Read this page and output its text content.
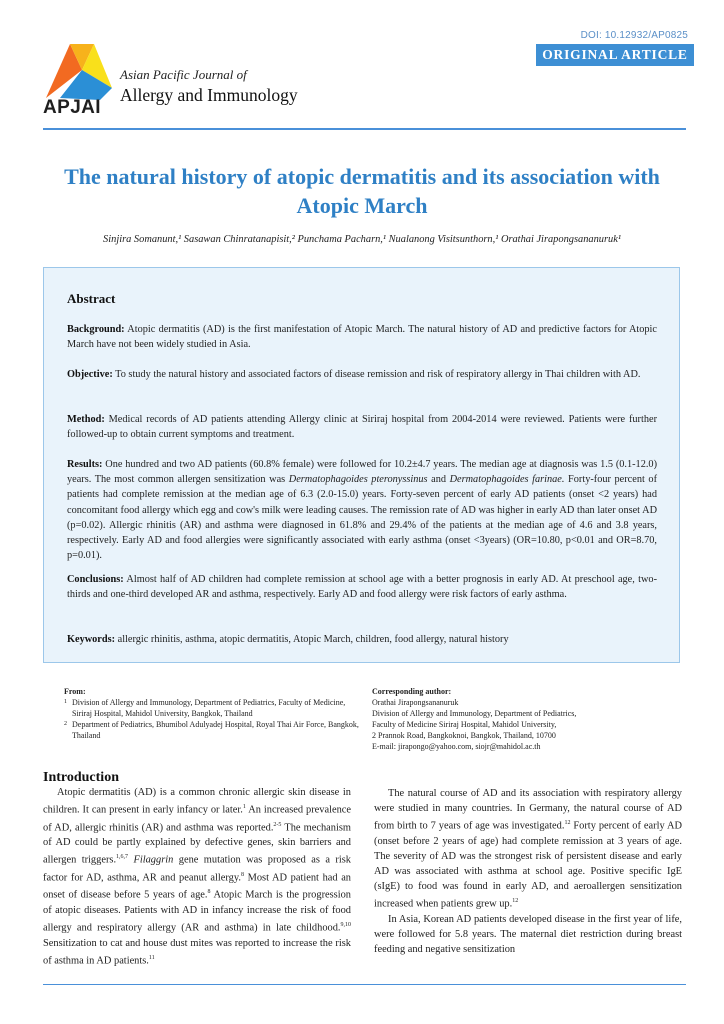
DOI: 10.12932/AP0825
ORIGINAL ARTICLE
APJAI
Asian Pacific Journal of
Allergy and Immunology
The natural history of atopic dermatitis and its association with Atopic March
Sinjira Somanunt,¹ Sasawan Chinratanapisit,² Punchama Pacharn,¹ Nualanong Visitsunthorn,¹ Orathai Jirapongsananuruk¹
Abstract

Background: Atopic dermatitis (AD) is the first manifestation of Atopic March. The natural history of AD and predictive factors for Atopic March have not been widely studied in Asia.

Objective: To study the natural history and associated factors of disease remission and risk of respiratory allergy in Thai children with AD.

Method: Medical records of AD patients attending Allergy clinic at Siriraj hospital from 2004-2014 were reviewed. Patients were further followed-up to obtain current symptoms and treatment.

Results: One hundred and two AD patients (60.8% female) were followed for 10.2±4.7 years. The median age at diagnosis was 1.5 (0.1-12.0) years. The most common allergen sensitization was Dermatophagoides pteronyssinus and Dermatophagoides farinae. Forty-four percent of patients had complete remission at the median age of 6.3 (2.0-15.0) years. Forty-seven percent of early AD patients (onset <2 years) had concomitant food allergy which egg and cow's milk were leading causes. The remission rate of AD was higher in early AD than later onset AD (p=0.02). Allergic rhinitis (AR) and asthma were diagnosed in 61.8% and 29.4% of the patients at the median age of 4.6 and 3.8 years, respectively. Early AD and food allergies were significantly associated with early asthma (onset <3years) (OR=10.80, p<0.01 and OR=8.70, p=0.01).

Conclusions: Almost half of AD children had complete remission at school age with a better prognosis in early AD. At preschool age, two-thirds and one-third developed AR and asthma, respectively. Early AD and food allergy were risk factors of early asthma.

Keywords: allergic rhinitis, asthma, atopic dermatitis, Atopic March, children, food allergy, natural history

From:
1 Division of Allergy and Immunology, Department of Pediatrics, Faculty of Medicine, Siriraj Hospital, Mahidol University, Bangkok, Thailand
2 Department of Pediatrics, Bhumibol Adulyadej Hospital, Royal Thai Air Force, Bangkok, Thailand
Corresponding author:
Orathai Jirapongsananuruk
Division of Allergy and Immunology, Department of Pediatrics,
Faculty of Medicine Siriraj Hospital, Mahidol University,
2 Prannok Road, Bangkoknoi, Bangkok, Thailand, 10700
E-mail: jirapongo@yahoo.com, siojr@mahidol.ac.th
Introduction

Atopic dermatitis (AD) is a common chronic allergic skin disease in children. It can present in early infancy or later.$^1$ An increased prevalence of AD, allergic rhinitis (AR) and asthma was reported.$^{2-5}$ The mechanism of AD could be partly explained by defective genes, skin barriers and allergen triggers.$^{1,6,7}$ Filaggrin gene mutation was proposed as a risk factor for AD, asthma, AR and peanut allergy.$^8$ Most AD patient had an onset of disease before 5 years of age.$^8$ Atopic March is the progression of atopic diseases. Patients with AD in infancy increase the risk of food allergy and respiratory allergy (AR and asthma) in late childhood.$^{9,10}$ Sensitization to cat and house dust mites was reported to increase the risk of asthma in AD patients.$^{11}$

The natural course of AD and its association with respiratory allergy were studied in many countries. In Germany, the natural course of AD from birth to 7 years of age was investigated.$^{12}$ Forty percent of early AD (onset before 2 years of age) had complete remission at 3 years of age. The severity of AD was the strongest risk of persistent disease and early AD was associated with asthma at school age. Positive specific IgE (sIgE) to food was found in early AD, and aeroallergen sensitization increased when patients grew up.$^{12}$

In Asia, Korean AD patients developed disease in the first year of life, were followed for 5.8 years. The maternal diet restriction during breast feeding and negative sensitization
